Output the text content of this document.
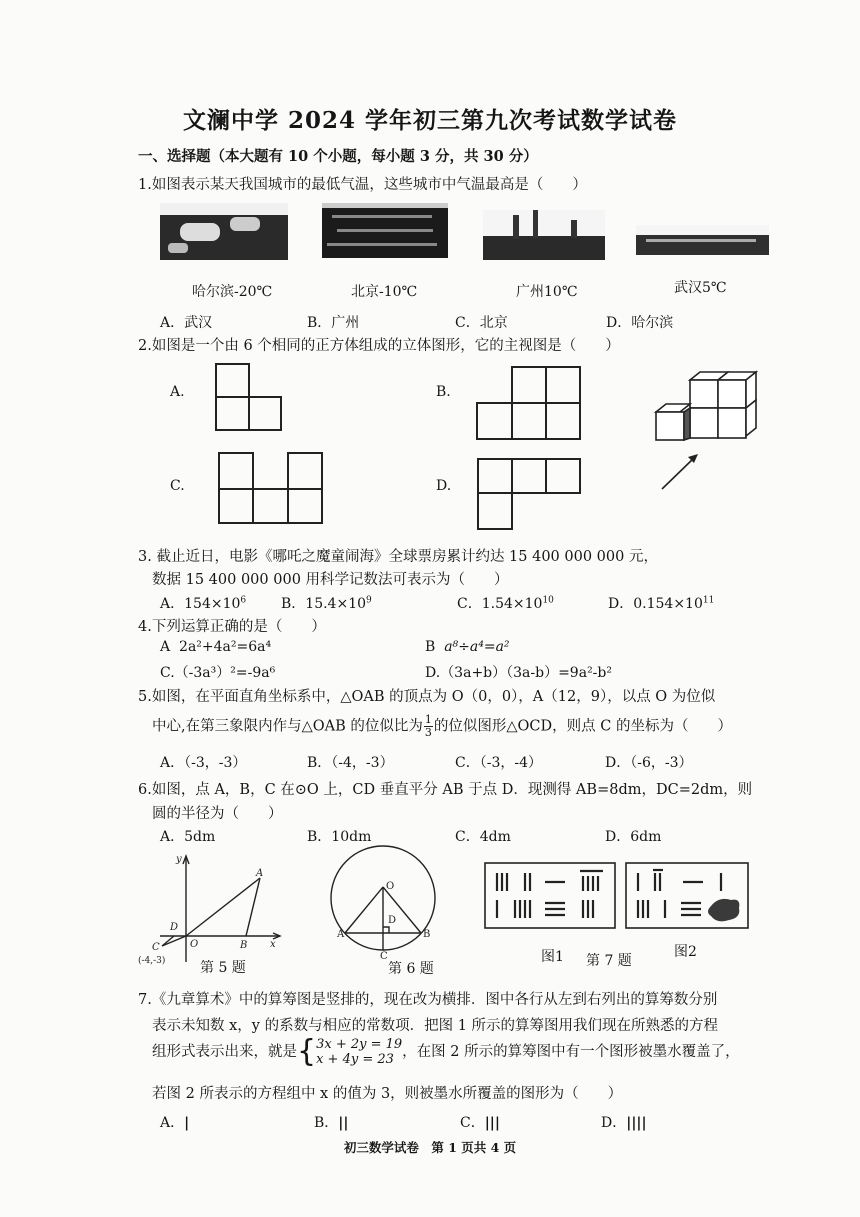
文澜中学 2024 学年初三第九次考试数学试卷
一、选择题（本大题有 10 个小题，每小题 3 分，共 30 分）
1.如图表示某天我国城市的最低气温，这些城市中气温最高是（　　）
哈尔滨-20℃	北京-10℃	广州10℃	武汉5℃
A．武汉	B．广州	C．北京	D．哈尔滨
2.如图是一个由 6 个相同的正方体组成的立体图形，它的主视图是（　　）
A.	B.
C.	D.
3. 截止近日，电影《哪吒之魔童闹海》全球票房累计约达 15 400 000 000 元，
数据 15 400 000 000 用科学记数法可表示为（　　）
A．$154\times 10^6$ B．$15.4\times 10^9$	C．$1.54\times 10^{10}$	D．$0.154\times 10^{11}$
4.下列运算正确的是（　　）
A 2a²+4a²=6a⁴	B a⁸÷a⁴=a²
C.（-3a³）²=-9a⁶	D.（3a+b）（3a-b）=9a²-b²
5.如图，在平面直角坐标系中，△OAB 的顶点为 O（0，0），A（12，9），以点 O 为位似
中心,在第三象限内作与△OAB 的位似比为 $\frac{1}{3}$ 的位似图形△OCD，则点 C 的坐标为（　　）
A．（-3，-3）	B．（-4，-3）	C．（-3，-4）	D．（-6，-3）
6.如图，点 A，B，C 在⊙O 上，CD 垂直平分 AB 于点 D．现测得 AB=8dm，DC=2dm，则
圆的半径为（　　）
A．5dm	B．10dm	C．4dm	D．6dm
y
A
D
O	B x
C
(-4,-3) 第 5 题
O
D
A	B
C
第 6 题
图1 第 7 题
图2
7.《九章算术》中的算筹图是竖排的，现在改为横排．图中各行从左到右列出的算筹数分别
表示未知数 x，y 的系数与相应的常数项．把图 1 所示的算筹图用我们现在所熟悉的方程
组形式表示出来，就是{ 3x + 2y = 19
x + 4y = 23 ，在图 2 所示的算筹图中有一个图形被墨水覆盖了，
若图 2 所表示的方程组中 x 的值为 3，则被墨水所覆盖的图形为（　　）
A．|	B．||	C．|||	D．||||
初三数学试卷　第 1 页共 4 页
